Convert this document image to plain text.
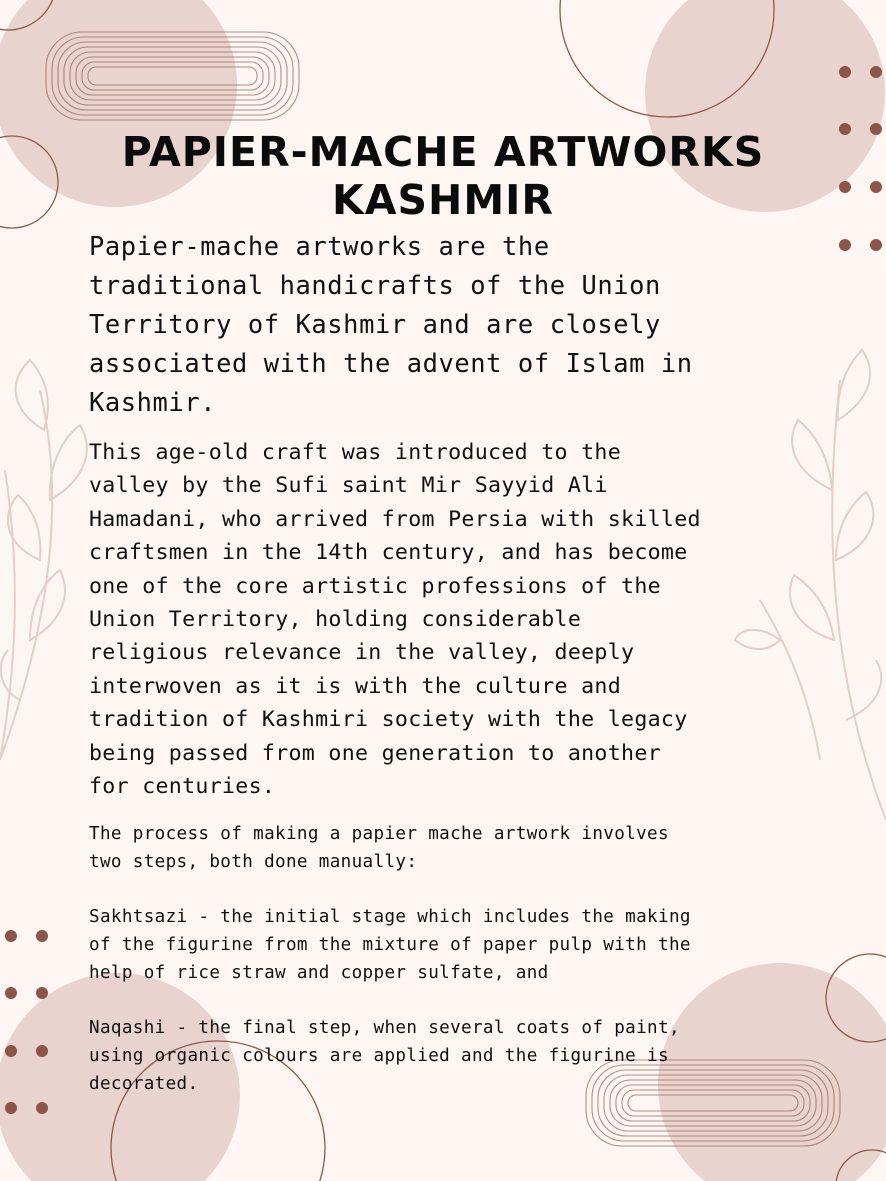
PAPIER-MACHE ARTWORKS KASHMIR

Papier-mache artworks are the
traditional handicrafts of the Union
Territory of Kashmir and are closely
associated with the advent of Islam in
Kashmir.

This age-old craft was introduced to the
valley by the Sufi saint Mir Sayyid Ali
Hamadani, who arrived from Persia with skilled
craftsmen in the 14th century, and has become
one of the core artistic professions of the
Union Territory, holding considerable
religious relevance in the valley, deeply
interwoven as it is with the culture and
tradition of Kashmiri society with the legacy
being passed from one generation to another
for centuries.

The process of making a papier mache artwork involves
two steps, both done manually:

Sakhtsazi - the initial stage which includes the making
of the figurine from the mixture of paper pulp with the
help of rice straw and copper sulfate, and

Naqashi - the final step, when several coats of paint,
using organic colours are applied and the figurine is
decorated.
